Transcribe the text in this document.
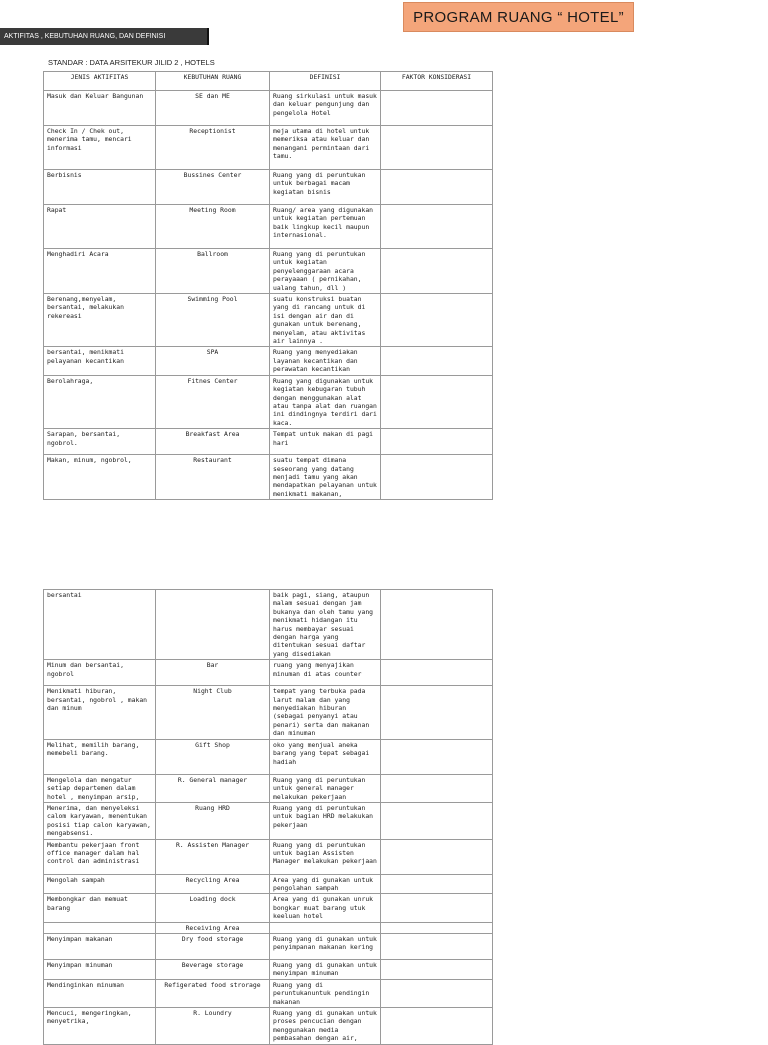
PROGRAM RUANG “ HOTEL”
AKTIFITAS , KEBUTUHAN RUANG, DAN DEFINISI
STANDAR : DATA ARSITEKUR JILID 2 , HOTELS
JENIS AKTIFITAS	KEBUTUHAN RUANG	DEFINISI	FAKTOR KONSIDERASI
Masuk dan Keluar Bangunan	SE dan ME	Ruang sirkulasi untuk masuk dan keluar pengunjung dan pengelola Hotel	
Check In / Chek out, menerima tamu, mencari informasi	Receptionist	meja utama di hotel untuk memeriksa atau keluar dan menangani permintaan dari tamu.	
Berbisnis	Bussines Center	Ruang yang di peruntukan untuk berbagai macam kegiatan bisnis	
Rapat	Meeting Room	Ruang/ area yang digunakan untuk kegiatan pertemuan baik lingkup kecil maupun internasional.	
Menghadiri Acara	Ballroom	Ruang yang di peruntukan untuk kegiatan penyelenggaraan acara perayaaan ( pernikahan, ualang tahun, dll )	
Berenang,menyelam, bersantai, melakukan rekereasi	Swimming Pool	suatu konstruksi buatan yang di rancang untuk di isi dengan air dan di gunakan untuk berenang, menyelam, atau aktivitas air lainnya .	
bersantai, menikmati pelayanan kecantikan	SPA	Ruang yang menyediakan layanan kecantikan dan perawatan kecantikan	
Berolahraga,	Fitnes Center	Ruang yang digunakan untuk kegiatan kebugaran tubuh dengan menggunakan alat atau tanpa alat dan ruangan ini dindingnya terdiri dari kaca.	
Sarapan, bersantai, ngobrol.	Breakfast Area	Tempat untuk makan di pagi hari	
Makan, minum, ngobrol,	Restaurant	suatu tempat dimana seseorang yang datang menjadi tamu yang akan mendapatkan pelayanan untuk menikmati makanan,	
bersantai		baik pagi, siang, ataupun malam sesuai dengan jam bukanya dan oleh tamu yang menikmati hidangan itu harus membayar sesuai dengan harga yang ditentukan sesuai daftar yang disediakan	
Minum dan bersantai, ngobrol	Bar	ruang yang menyajikan minuman di atas counter	
Menikmati hiburan, bersantai, ngobrol , makan dan minum	Night Club	tempat yang terbuka pada larut malam dan yang menyediakan hiburan (sebagai penyanyi atau penari) serta dan makanan dan minuman	
Melihat, memilih barang, memebeli barang.	Gift Shop	oko yang menjual aneka barang yang tepat sebagai hadiah	
Mengelola dan mengatur setiap departemen dalam hotel , menyimpan arsip,	R. General manager	Ruang yang di peruntukan untuk general manager melakukan pekerjaan	
Menerima, dan menyeleksi calom karyawan, menentukan posisi tiap calon karyawan, mengabsensi.	Ruang HRD	Ruang yang di peruntukan untuk bagian HRD melakukan pekerjaan	
Membantu pekerjaan front office manager dalam hal control dan administrasi	R. Assisten Manager	Ruang yang di peruntukan untuk bagian Assisten Manager melakukan pekerjaan	
Mengolah sampah	Recycling Area	Area yang di gunakan untuk pengolahan sampah	
Membongkar dan memuat barang	Loading dock	Area yang di gunakan unruk bongkar muat barang utuk keeluan hotel	
	Receiving Area		
Menyimpan makanan	Dry food storage	Ruang yang di gunakan untuk penyimpanan makanan kering	
Menyimpan minuman	Beverage storage	Ruang yang di gunakan untuk menyimpan minuman	
Mendinginkan minuman	Refigerated food strorage	Ruang yang di peruntukanuntuk pendingin makanan	
Mencuci, mengeringkan, menyetrika,	R. Loundry	Ruang yang di gunakan untuk proses pencucian dengan menggunakan media pembasahan dengan air,	
